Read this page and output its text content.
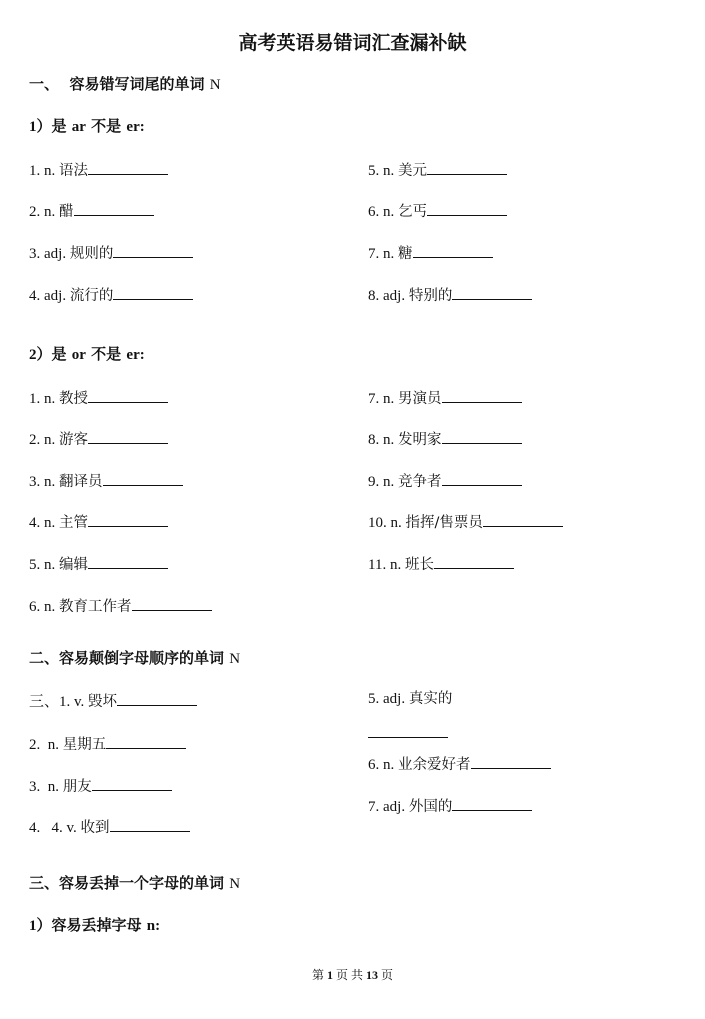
高考英语易错词汇查漏补缺
一、 容易错写词尾的单词 N
1）是 ar 不是 er:
1. n. 语法
2. n. 醋
3. adj. 规则的
4. adj. 流行的
5. n. 美元
6. n. 乞丐
7. n. 糖
8. adj. 特别的
2）是 or 不是 er:
1. n. 教授
2. n. 游客
3. n. 翻译员
4. n. 主管
5. n. 编辑
6. n. 教育工作者
7. n. 男演员
8. n. 发明家
9. n. 竞争者
10. n. 指挥/售票员
11. n. 班长
二、容易颠倒字母顺序的单词 N
三、1. v. 毁坏
2.  n. 星期五
3.  n. 朋友
4.   4. v. 收到
5. adj. 真实的
6. n. 业余爱好者
7. adj. 外国的
三、容易丢掉一个字母的单词 N
1）容易丢掉字母 n:
第 1 页 共 13 页
